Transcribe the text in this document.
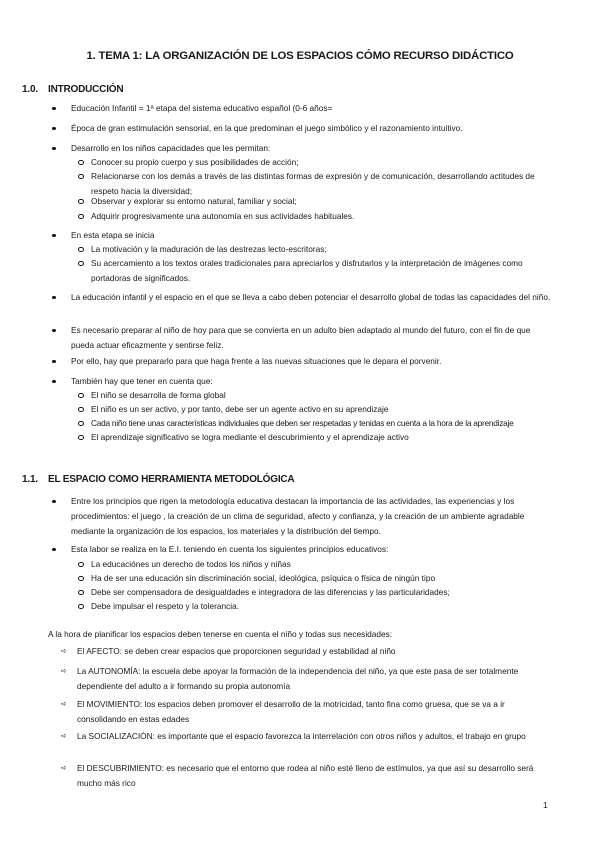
1. TEMA 1: LA ORGANIZACIÓN DE LOS ESPACIOS CÓMO RECURSO DIDÁCTICO
1.0. INTRODUCCIÓN
Educación Infantil = 1ª etapa del sistema educativo español (0-6 años=
Época de gran estimulación sensorial, en la que predominan el juego simbólico y el razonamiento intuitivo.
Desarrollo en los niños capacidades que les permitan:
Conocer su propio cuerpo y sus posibilidades de acción;
Relacionarse con los demás a través de las distintas formas de expresión y de comunicación, desarrollando actitudes de respeto hacia la diversidad;
Observar y explorar su entorno natural, familiar y social;
Adquirir progresivamente una autonomía en sus actividades habituales.
En esta etapa se inicia
La motivación y la maduración de las destrezas lecto-escritoras;
Su acercamiento a los textos orales tradicionales para apreciarlos y disfrutarlos y la interpretación de imágenes como portadoras de significados.
La educación infantil y el espacio en el que se lleva a cabo deben potenciar el desarrollo global de todas las capacidades del niño.
Es necesario preparar al niño de hoy para que se convierta en un adulto bien adaptado al mundo del futuro, con el fin de que pueda actuar eficazmente y sentirse feliz.
Por ello, hay que prepararlo para que haga frente a las nuevas situaciones que le depara el porvenir.
También hay que tener en cuenta que:
El niño se desarrolla de forma global
El niño es un ser activo, y por tanto, debe ser un agente activo en su aprendizaje
Cada niño tiene unas características individuales que deben ser respetadas y tenidas en cuenta a la hora de la aprendizaje
El aprendizaje significativo se logra mediante el descubrimiento y el aprendizaje activo
1.1. EL ESPACIO COMO HERRAMIENTA METODOLÓGICA
Entre los principios que rigen la metodología educativa destacan la importancia de las actividades, las experiencias y los procedimientos: el juego , la creación de un clima de seguridad, afecto y confianza, y la creación de un ambiente agradable mediante la organización de los espacios, los materiales y la distribución del tiempo.
Esta labor se realiza en la E.I. teniendo en cuenta los siguientes principios educativos:
La educaciónes un derecho de todos los niños y niñas
Ha de ser una educación sin discriminación social, ideológica, psíquica o física de ningún tipo
Debe ser compensadora de desigualdades e integradora de las diferencias y las particularidades;
Debe impulsar el respeto y la tolerancia.
A la hora de planificar los espacios deben tenerse en cuenta el niño y todas sus necesidades:
➪ El AFECTO: se deben crear espacios que proporcionen seguridad y estabilidad al niño
➪ La AUTONOMÍA: la escuela debe apoyar la formación de la independencia del niño, ya que este pasa de ser totalmente dependiente del adulto a ir formando su propia autonomía
➪ El MOVIMIENTO: los espacios deben promover el desarrollo de la motricidad, tanto fina como gruesa, que se va a ir consolidando en estas edades
➪ La SOCIALIZACIÓN: es importante que el espacio favorezca la interrelación con otros niños y adultos, el trabajo en grupo
➪ El DESCUBRIMIENTO: es necesario que el entorno que rodea al niño esté lleno de estímulos, ya que así su desarrollo será mucho más rico
1
